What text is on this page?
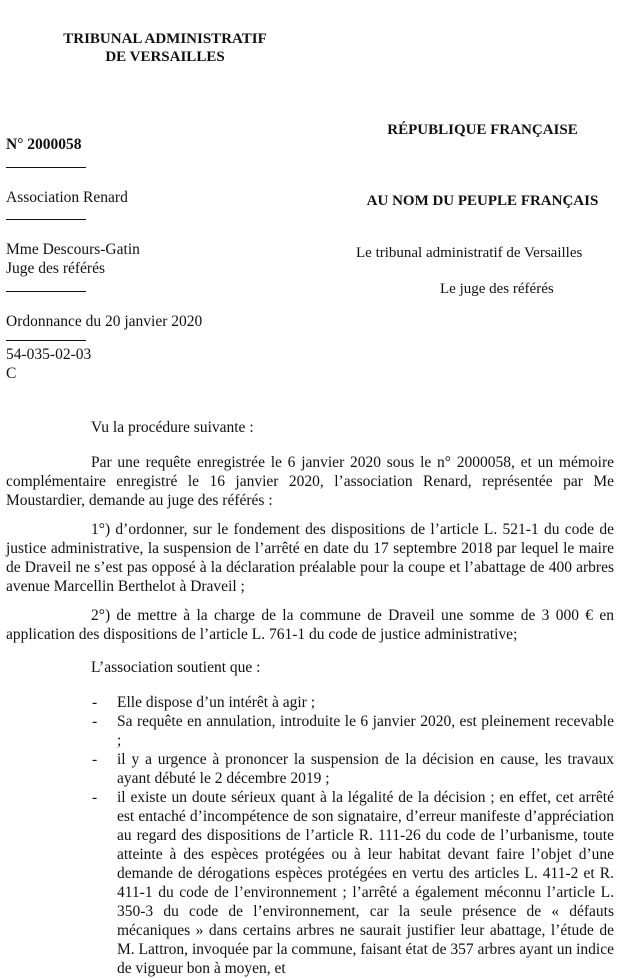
TRIBUNAL ADMINISTRATIF
DE VERSAILLES
RÉPUBLIQUE FRANÇAISE
AU NOM DU PEUPLE FRANÇAIS
Le tribunal administratif de Versailles
Le juge des référés
N° 2000058
Association Renard
Mme Descours-Gatin
Juge des référés
Ordonnance du 20 janvier 2020
54-035-02-03
C
Vu la procédure suivante :

Par une requête enregistrée le 6 janvier 2020 sous le n° 2000058, et un mémoire complémentaire enregistré le 16 janvier 2020, l’association Renard, représentée par Me Moustardier, demande au juge des référés :

1°) d’ordonner, sur le fondement des dispositions de l’article L. 521-1 du code de justice administrative, la suspension de l’arrêté en date du 17 septembre 2018 par lequel le maire de Draveil ne s’est pas opposé à la déclaration préalable pour la coupe et l’abattage de 400 arbres avenue Marcellin Berthelot à Draveil ;

2°) de mettre à la charge de la commune de Draveil une somme de 3 000 € en application des dispositions de l’article L. 761-1 du code de justice administrative;

L’association soutient que :
- Elle dispose d’un intérêt à agir ;
- Sa requête en annulation, introduite le 6 janvier 2020, est pleinement recevable ;
- il y a urgence à prononcer la suspension de la décision en cause, les travaux ayant débuté le 2 décembre 2019 ;
- il existe un doute sérieux quant à la légalité de la décision ; en effet, cet arrêté est entaché d’incompétence de son signataire, d’erreur manifeste d’appréciation au regard des dispositions de l’article R. 111-26 du code de l’urbanisme, toute atteinte à des espèces protégées ou à leur habitat devant faire l’objet d’une demande de dérogations espèces protégées en vertu des articles L. 411-2 et R. 411-1 du code de l’environnement ; l’arrêté a également méconnu l’article L. 350-3 du code de l’environnement, car la seule présence de « défauts mécaniques » dans certains arbres ne saurait justifier leur abattage, l’étude de M. Lattron, invoquée par la commune, faisant état de 357 arbres ayant un indice de vigueur bon à moyen, et
